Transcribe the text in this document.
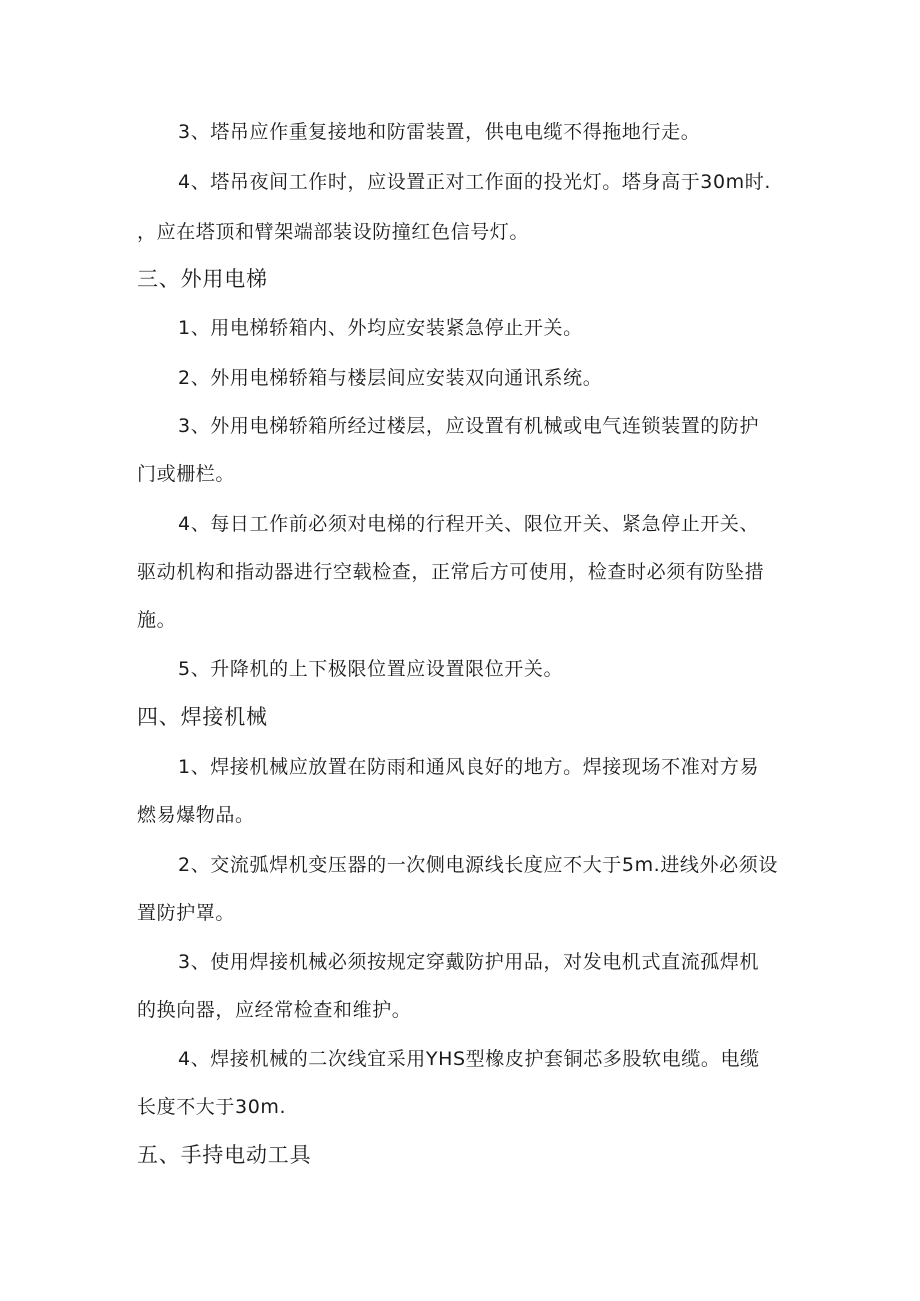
3、塔吊应作重复接地和防雷装置，供电电缆不得拖地行走。
4、塔吊夜间工作时，应设置正对工作面的投光灯。塔身高于30m时.
，应在塔顶和臂架端部装设防撞红色信号灯。
三、外用电梯
1、用电梯轿箱内、外均应安装紧急停止开关。
2、外用电梯轿箱与楼层间应安装双向通讯系统。
3、外用电梯轿箱所经过楼层，应设置有机械或电气连锁装置的防护
门或栅栏。
4、每日工作前必须对电梯的行程开关、限位开关、紧急停止开关、
驱动机构和指动器进行空载检查，正常后方可使用，检查时必须有防坠措
施。
5、升降机的上下极限位置应设置限位开关。
四、焊接机械
1、焊接机械应放置在防雨和通风良好的地方。焊接现场不准对方易
燃易爆物品。
2、交流弧焊机变压器的一次侧电源线长度应不大于5m.进线外必须设
置防护罩。
3、使用焊接机械必须按规定穿戴防护用品，对发电机式直流孤焊机
的换向器，应经常检查和维护。
4、焊接机械的二次线宜采用YHS型橡皮护套铜芯多股软电缆。电缆
长度不大于30m.
五、手持电动工具
